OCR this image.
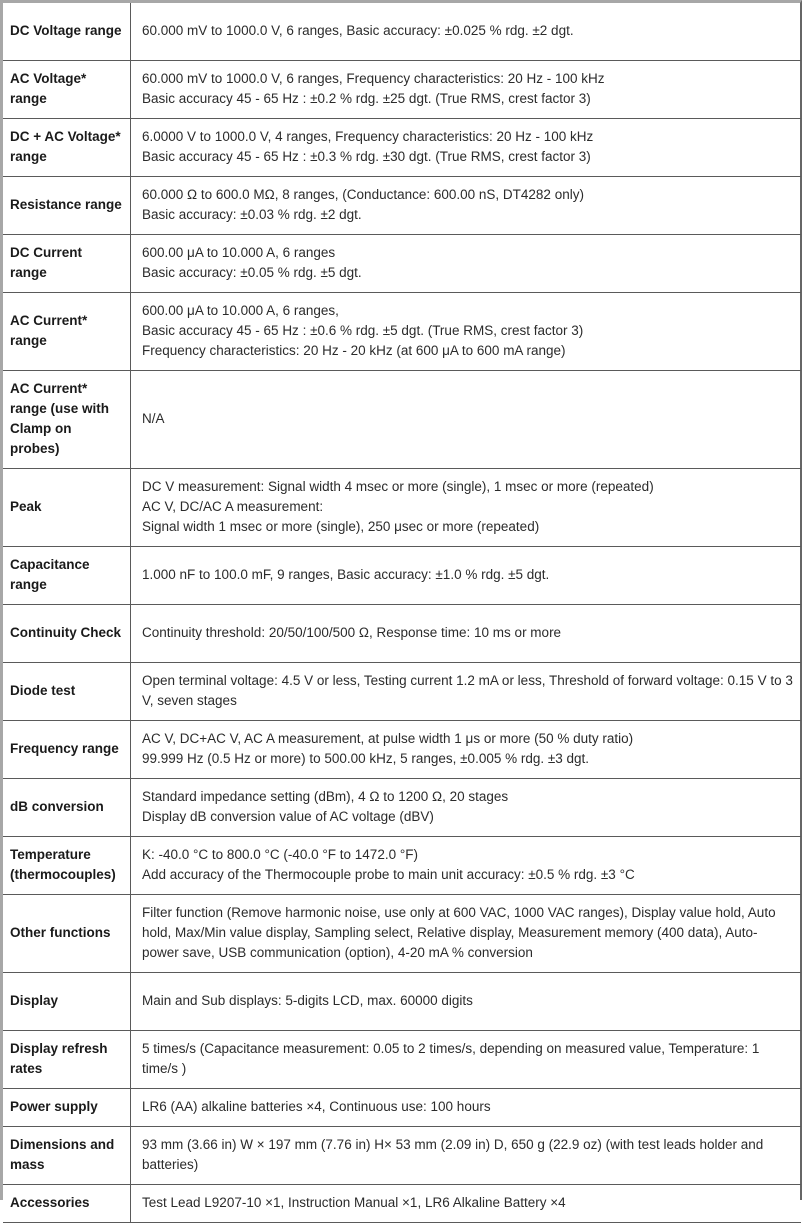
DC Voltage range	60.000 mV to 1000.0 V, 6 ranges, Basic accuracy: ±0.025 % rdg. ±2 dgt.

AC Voltage* range	60.000 mV to 1000.0 V, 6 ranges, Frequency characteristics: 20 Hz - 100 kHz
Basic accuracy 45 - 65 Hz : ±0.2 % rdg. ±25 dgt. (True RMS, crest factor 3)

DC + AC Voltage* range	6.0000 V to 1000.0 V, 4 ranges, Frequency characteristics: 20 Hz - 100 kHz
Basic accuracy 45 - 65 Hz : ±0.3 % rdg. ±30 dgt. (True RMS, crest factor 3)

Resistance range	60.000 Ω to 600.0 MΩ, 8 ranges, (Conductance: 600.00 nS, DT4282 only)
Basic accuracy: ±0.03 % rdg. ±2 dgt.

DC Current range	600.00 μA to 10.000 A, 6 ranges
Basic accuracy: ±0.05 % rdg. ±5 dgt.

AC Current* range	600.00 μA to 10.000 A, 6 ranges,
Basic accuracy 45 - 65 Hz : ±0.6 % rdg. ±5 dgt. (True RMS, crest factor 3)
Frequency characteristics: 20 Hz - 20 kHz (at 600 μA to 600 mA range)

AC Current* range (use with Clamp on probes)	N/A

Peak	DC V measurement: Signal width 4 msec or more (single), 1 msec or more (repeated)
AC V, DC/AC A measurement:
Signal width 1 msec or more (single), 250 μsec or more (repeated)

Capacitance range	1.000 nF to 100.0 mF, 9 ranges, Basic accuracy: ±1.0 % rdg. ±5 dgt.

Continuity Check	Continuity threshold: 20/50/100/500 Ω, Response time: 10 ms or more

Diode test	Open terminal voltage: 4.5 V or less, Testing current 1.2 mA or less, Threshold of forward voltage: 0.15 V to 3 V, seven stages

Frequency range	AC V, DC+AC V, AC A measurement, at pulse width 1 μs or more (50 % duty ratio)
99.999 Hz (0.5 Hz or more) to 500.00 kHz, 5 ranges, ±0.005 % rdg. ±3 dgt.

dB conversion	Standard impedance setting (dBm), 4 Ω to 1200 Ω, 20 stages
Display dB conversion value of AC voltage (dBV)

Temperature (thermocouples)	K: -40.0 °C to 800.0 °C (-40.0 °F to 1472.0 °F)
Add accuracy of the Thermocouple probe to main unit accuracy: ±0.5 % rdg. ±3 °C

Other functions	Filter function (Remove harmonic noise, use only at 600 VAC, 1000 VAC ranges), Display value hold, Auto hold, Max/Min value display, Sampling select, Relative display, Measurement memory (400 data), Auto-power save, USB communication (option), 4-20 mA % conversion

Display	Main and Sub displays: 5-digits LCD, max. 60000 digits

Display refresh rates	5 times/s (Capacitance measurement: 0.05 to 2 times/s, depending on measured value, Temperature: 1 time/s )

Power supply	LR6 (AA) alkaline batteries ×4, Continuous use: 100 hours

Dimensions and mass	93 mm (3.66 in) W × 197 mm (7.76 in) H× 53 mm (2.09 in) D, 650 g (22.9 oz) (with test leads holder and batteries)

Accessories	Test Lead L9207-10 ×1, Instruction Manual ×1, LR6 Alkaline Battery ×4
